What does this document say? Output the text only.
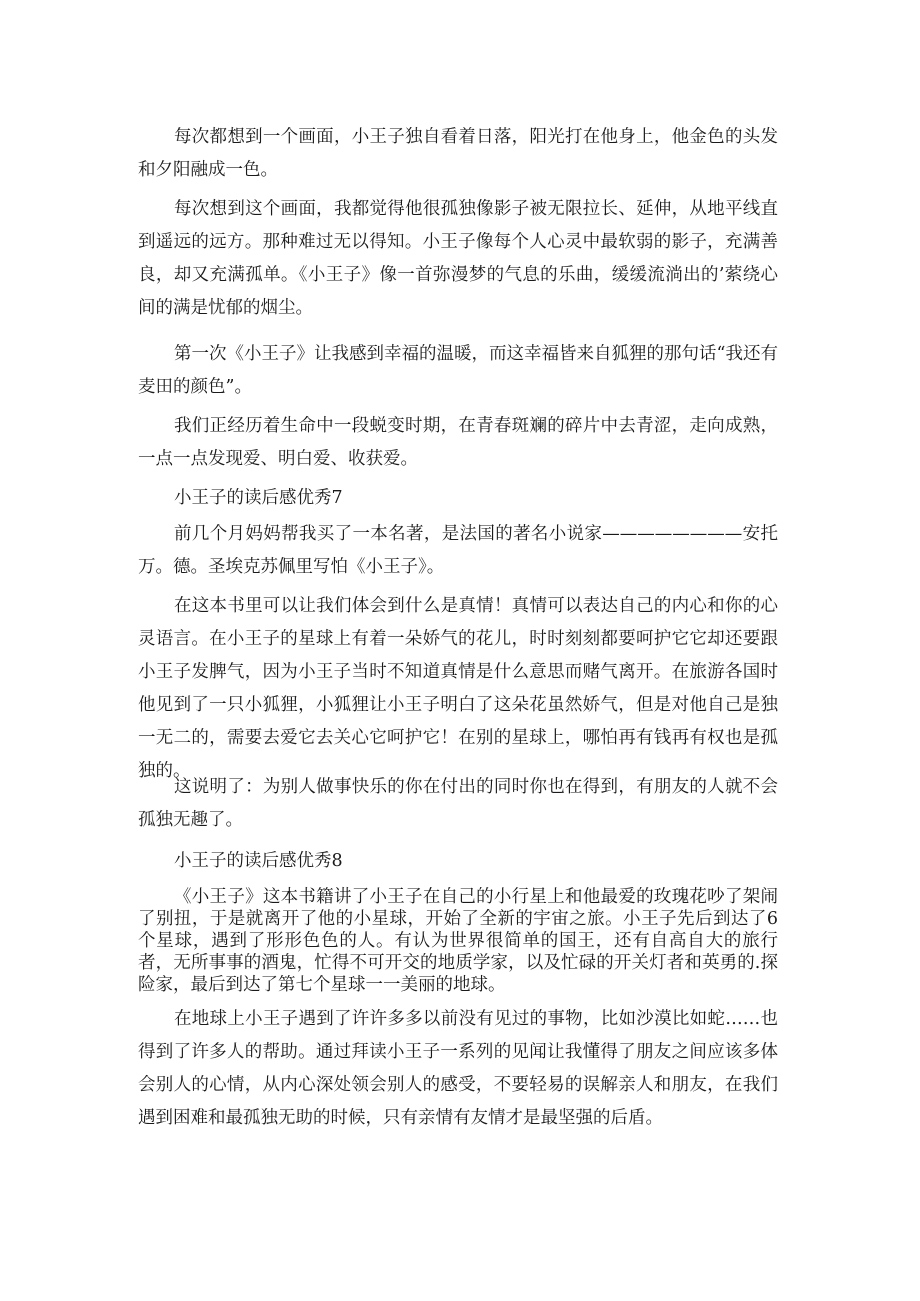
每次都想到一个画面，小王子独自看着日落，阳光打在他身上，他金色的头发和夕阳融成一色。

每次想到这个画面，我都觉得他很孤独像影子被无限拉长、延伸，从地平线直到遥远的远方。那种难过无以得知。小王子像每个人心灵中最软弱的影子，充满善良，却又充满孤单。《小王子》像一首弥漫梦的气息的乐曲，缓缓流淌出的’萦绕心间的满是忧郁的烟尘。

第一次《小王子》让我感到幸福的温暖，而这幸福皆来自狐狸的那句话“我还有麦田的颜色”。

我们正经历着生命中一段蜕变时期，在青春斑斓的碎片中去青涩，走向成熟，一点一点发现爱、明白爱、收获爱。

小王子的读后感优秀7

前几个月妈妈帮我买了一本名著，是法国的著名小说家————————安托万。德。圣埃克苏佩里写怕《小王子》。

在这本书里可以让我们体会到什么是真情！真情可以表达自己的内心和你的心灵语言。在小王子的星球上有着一朵娇气的花儿，时时刻刻都要呵护它它却还要跟小王子发脾气，因为小王子当时不知道真情是什么意思而赌气离开。在旅游各国时他见到了一只小狐狸，小狐狸让小王子明白了这朵花虽然娇气，但是对他自己是独一无二的，需要去爱它去关心它呵护它！在别的星球上，哪怕再有钱再有权也是孤独的。

这说明了：为别人做事快乐的你在付出的同时你也在得到，有朋友的人就不会孤独无趣了。

小王子的读后感优秀8

《小王子》这本书籍讲了小王子在自己的小行星上和他最爱的玫瑰花吵了架闹了别扭，于是就离开了他的小星球，开始了全新的宇宙之旅。小王子先后到达了6个星球，遇到了形形色色的人。有认为世界很简单的国王，还有自高自大的旅行者，无所事事的酒鬼，忙得不可开交的地质学家，以及忙碌的开关灯者和英勇的.探险家，最后到达了第七个星球一一美丽的地球。

在地球上小王子遇到了许许多多以前没有见过的事物，比如沙漠比如蛇……也得到了许多人的帮助。通过拜读小王子一系列的见闻让我懂得了朋友之间应该多体会别人的心情，从内心深处领会别人的感受，不要轻易的误解亲人和朋友，在我们遇到困难和最孤独无助的时候，只有亲情有友情才是最坚强的后盾。
